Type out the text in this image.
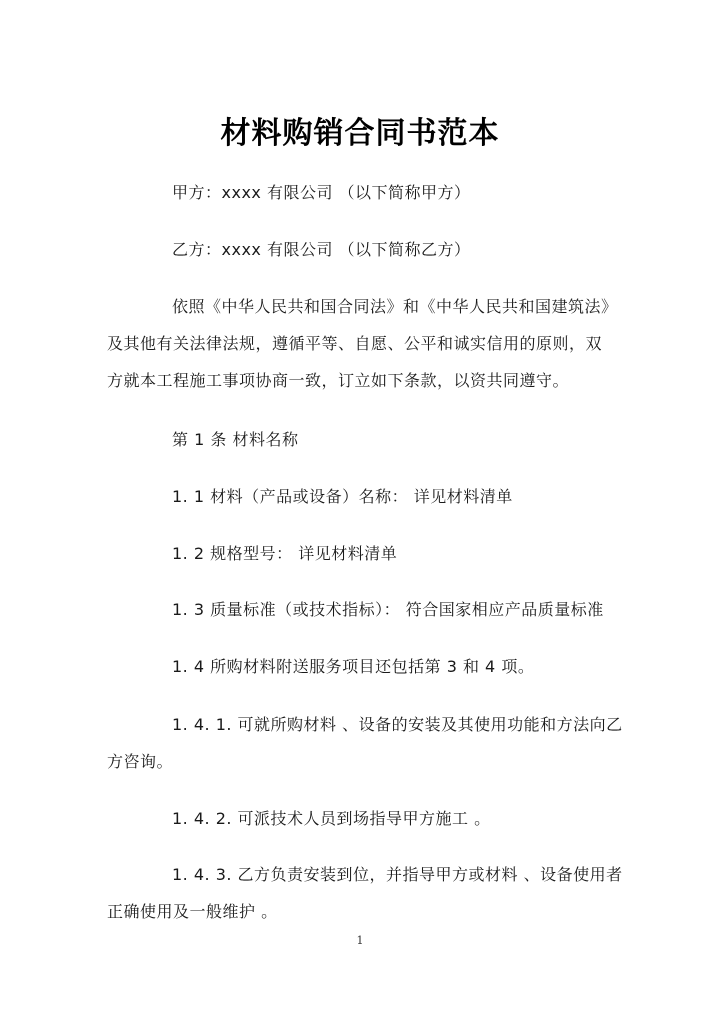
材料购销合同书范本
甲方：xxxx 有限公司 （以下简称甲方）
乙方：xxxx 有限公司 （以下简称乙方）
依照《中华人民共和国合同法》和《中华人民共和国建筑法》
及其他有关法律法规，遵循平等、自愿、公平和诚实信用的原则，双
方就本工程施工事项协商一致，订立如下条款，以资共同遵守。
第 1 条 材料名称
1. 1 材料（产品或设备）名称： 详见材料清单
1. 2 规格型号： 详见材料清单
1. 3 质量标准（或技术指标）： 符合国家相应产品质量标准
1. 4 所购材料附送服务项目还包括第 3 和 4 项。
1. 4. 1. 可就所购材料 、设备的安装及其使用功能和方法向乙
方咨询。
1. 4. 2. 可派技术人员到场指导甲方施工 。
1. 4. 3. 乙方负责安装到位，并指导甲方或材料 、设备使用者
正确使用及一般维护 。
1
